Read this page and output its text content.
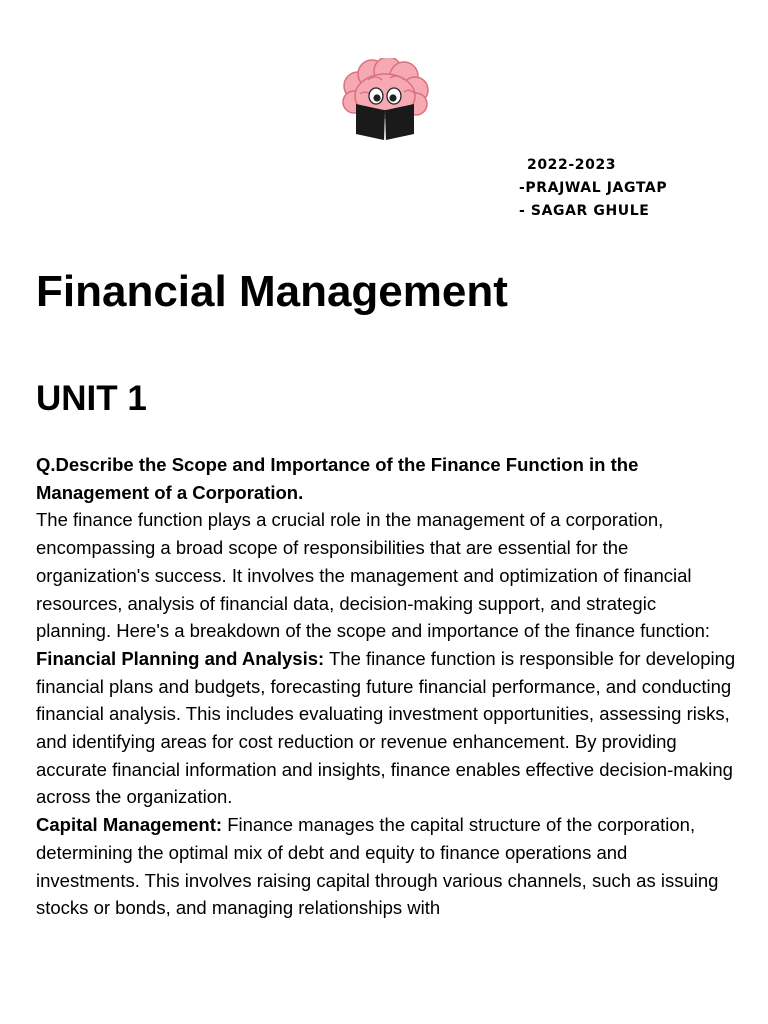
2022-2023
-PRAJWAL JAGTAP
- SAGAR GHULE
Financial Management
UNIT 1

Q.Describe the Scope and Importance of the Finance Function in the Management of a Corporation.

The finance function plays a crucial role in the management of a corporation, encompassing a broad scope of responsibilities that are essential for the organization's success. It involves the management and optimization of financial resources, analysis of financial data, decision-making support, and strategic planning. Here's a breakdown of the scope and importance of the finance function:

Financial Planning and Analysis: The finance function is responsible for developing financial plans and budgets, forecasting future financial performance, and conducting financial analysis. This includes evaluating investment opportunities, assessing risks, and identifying areas for cost reduction or revenue enhancement. By providing accurate financial information and insights, finance enables effective decision-making across the organization.

Capital Management: Finance manages the capital structure of the corporation, determining the optimal mix of debt and equity to finance operations and investments. This involves raising capital through various channels, such as issuing stocks or bonds, and managing relationships with
